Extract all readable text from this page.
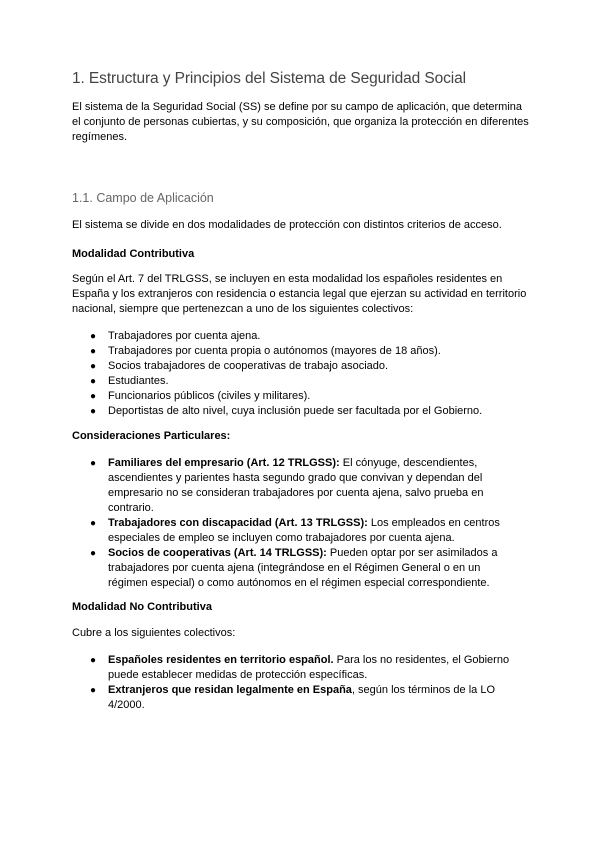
1. Estructura y Principios del Sistema de Seguridad Social

El sistema de la Seguridad Social (SS) se define por su campo de aplicación, que determina el conjunto de personas cubiertas, y su composición, que organiza la protección en diferentes regímenes.

1.1. Campo de Aplicación

El sistema se divide en dos modalidades de protección con distintos criterios de acceso.

Modalidad Contributiva

Según el Art. 7 del TRLGSS, se incluyen en esta modalidad los españoles residentes en España y los extranjeros con residencia o estancia legal que ejerzan su actividad en territorio nacional, siempre que pertenezcan a uno de los siguientes colectivos:

● Trabajadores por cuenta ajena.
● Trabajadores por cuenta propia o autónomos (mayores de 18 años).
● Socios trabajadores de cooperativas de trabajo asociado.
● Estudiantes.
● Funcionarios públicos (civiles y militares).
● Deportistas de alto nivel, cuya inclusión puede ser facultada por el Gobierno.

Consideraciones Particulares:

● Familiares del empresario (Art. 12 TRLGSS): El cónyuge, descendientes, ascendientes y parientes hasta segundo grado que convivan y dependan del empresario no se consideran trabajadores por cuenta ajena, salvo prueba en contrario.
● Trabajadores con discapacidad (Art. 13 TRLGSS): Los empleados en centros especiales de empleo se incluyen como trabajadores por cuenta ajena.
● Socios de cooperativas (Art. 14 TRLGSS): Pueden optar por ser asimilados a trabajadores por cuenta ajena (integrándose en el Régimen General o en un régimen especial) o como autónomos en el régimen especial correspondiente.

Modalidad No Contributiva

Cubre a los siguientes colectivos:

● Españoles residentes en territorio español. Para los no residentes, el Gobierno puede establecer medidas de protección específicas.
● Extranjeros que residan legalmente en España, según los términos de la LO 4/2000.
